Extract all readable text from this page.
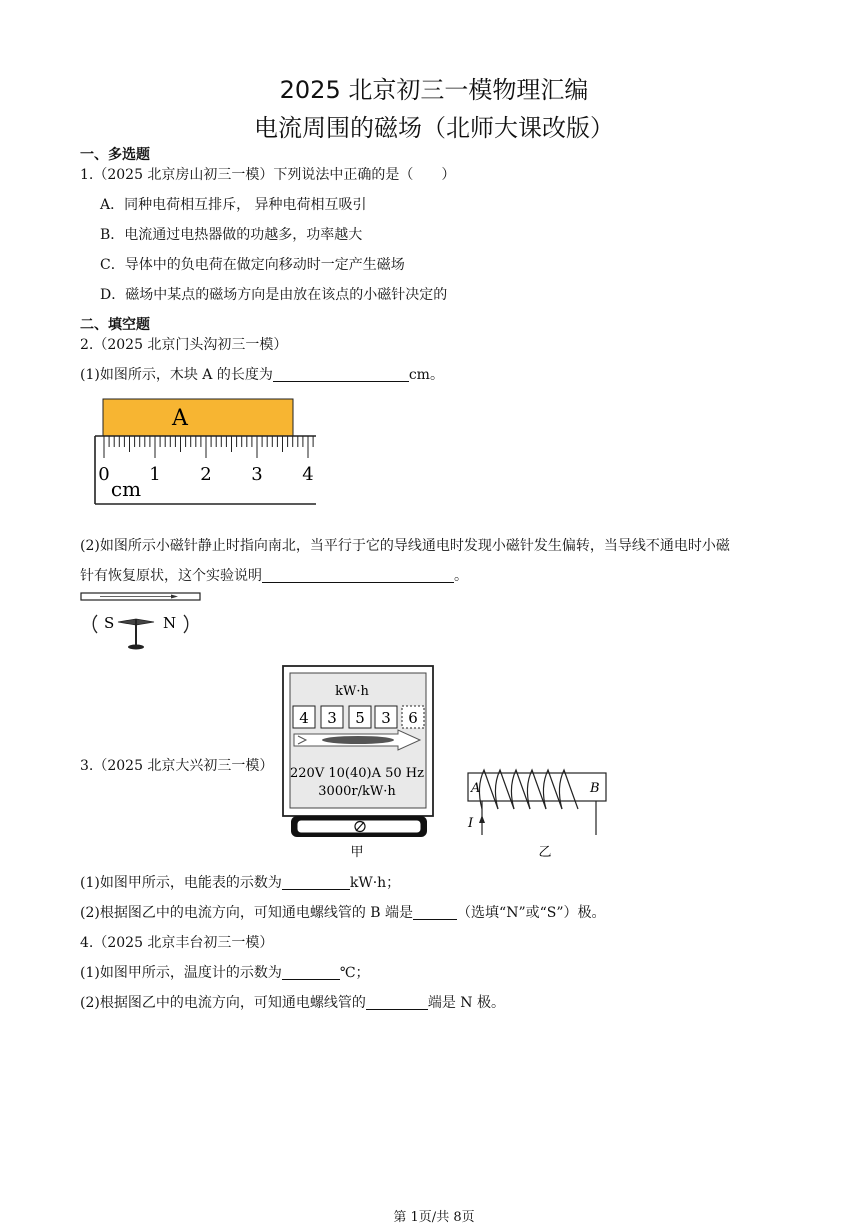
2025 北京初三一模物理汇编
电流周围的磁场（北师大课改版）
一、多选题
1.（2025 北京房山初三一模）下列说法中正确的是（　　）
A．同种电荷相互排斥， 异种电荷相互吸引
B．电流通过电热器做的功越多，功率越大
C．导体中的负电荷在做定向移动时一定产生磁场
D．磁场中某点的磁场方向是由放在该点的小磁针决定的
二、填空题
2.（2025 北京门头沟初三一模）
(1)如图所示，木块 A 的长度为	cm。
A
0 1 2 3 4
cm
(2)如图所示小磁针静止时指向南北，当平行于它的导线通电时发现小磁针发生偏转，当导线不通电时小磁
针有恢复原状，这个实验说明	。
S	N
3.（2025 北京大兴初三一模）
kW·h
4 3 5 3 6
220V 10(40)A 50 Hz
3000r/kW·h
甲
A	B
I
乙
(1)如图甲所示，电能表的示数为	kW·h；
(2)根据图乙中的电流方向，可知通电螺线管的 B 端是	（选填“N”或“S”）极。
4.（2025 北京丰台初三一模）
(1)如图甲所示，温度计的示数为	℃；
(2)根据图乙中的电流方向，可知通电螺线管的	端是 N 极。
第 1页/共 8页
